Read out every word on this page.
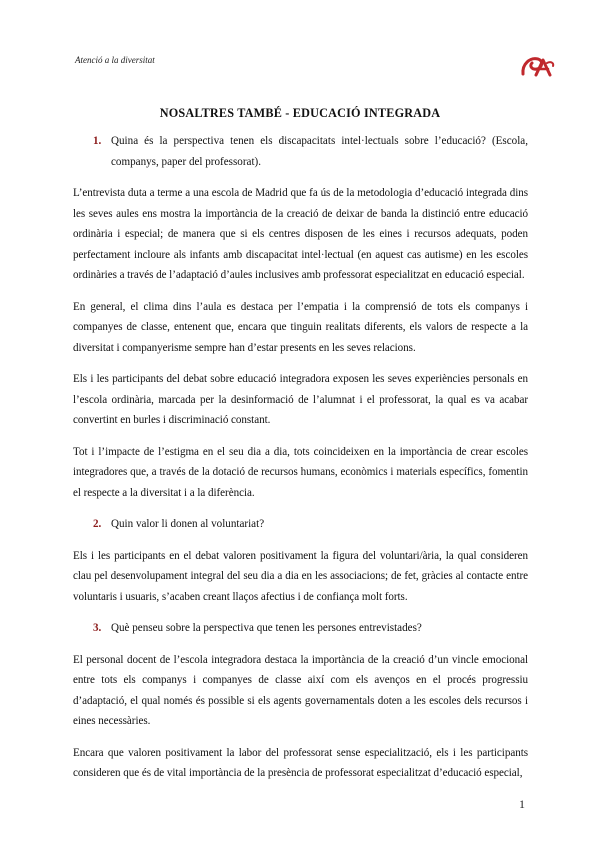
Atenció a la diversitat
NOSALTRES TAMBÉ - EDUCACIÓ INTEGRADA
1. Quina és la perspectiva tenen els discapacitats intel·lectuals sobre l’educació? (Escola, companys, paper del professorat).

L’entrevista duta a terme a una escola de Madrid que fa ús de la metodologia d’educació integrada dins les seves aules ens mostra la importància de la creació de deixar de banda la distinció entre educació ordinària i especial; de manera que si els centres disposen de les eines i recursos adequats, poden perfectament incloure als infants amb discapacitat intel·lectual (en aquest cas autisme) en les escoles ordinàries a través de l’adaptació d’aules inclusives amb professorat especialitzat en educació especial.

En general, el clima dins l’aula es destaca per l’empatia i la comprensió de tots els companys i companyes de classe, entenent que, encara que tinguin realitats diferents, els valors de respecte a la diversitat i companyerisme sempre han d’estar presents en les seves relacions.

Els i les participants del debat sobre educació integradora exposen les seves experiències personals en l’escola ordinària, marcada per la desinformació de l’alumnat i el professorat, la qual es va acabar convertint en burles i discriminació constant.

Tot i l’impacte de l’estigma en el seu dia a dia, tots coincideixen en la importància de crear escoles integradores que, a través de la dotació de recursos humans, econòmics i materials específics, fomentin el respecte a la diversitat i a la diferència.

2. Quin valor li donen al voluntariat?

Els i les participants en el debat valoren positivament la figura del voluntari/ària, la qual consideren clau pel desenvolupament integral del seu dia a dia en les associacions; de fet, gràcies al contacte entre voluntaris i usuaris, s’acaben creant llaços afectius i de confiança molt forts.

3. Què penseu sobre la perspectiva que tenen les persones entrevistades?

El personal docent de l’escola integradora destaca la importància de la creació d’un vincle emocional entre tots els companys i companyes de classe així com els avenços en el procés progressiu d’adaptació, el qual només és possible si els agents governamentals doten a les escoles dels recursos i eines necessàries.

Encara que valoren positivament la labor del professorat sense especialització, els i les participants consideren que és de vital importància de la presència de professorat especialitzat d’educació especial,

1
